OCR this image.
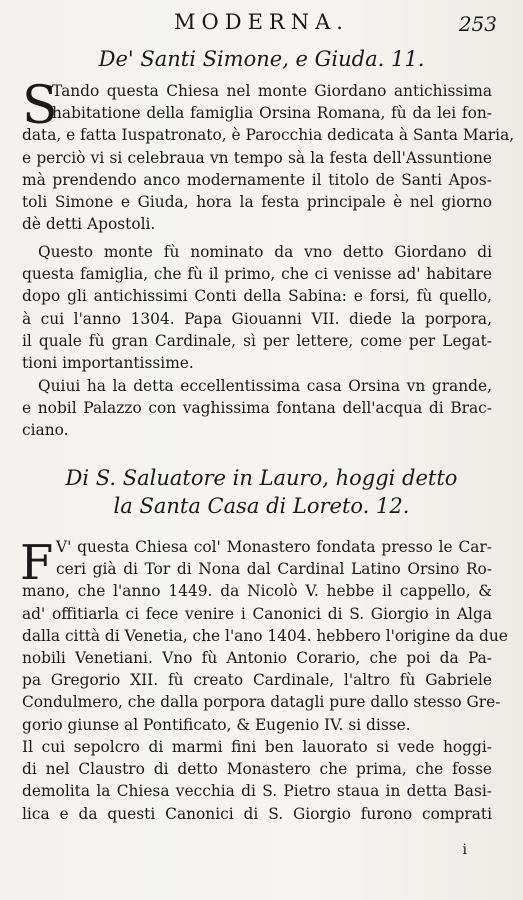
MODERNA.	253
De' Santi Simone, e Giuda. 11.
S
Tando questa Chiesa nel monte Giordano antichissima
habitatione della famiglia Orsina Romana, fù da lei fon-
data, e fatta Iuspatronato, è Parocchia dedicata à Santa Maria,
e perciò vi si celebraua vn tempo sà la festa dell'Assuntione
mà prendendo anco modernamente il titolo de Santi Apos-
toli Simone e Giuda, hora la festa principale è nel giorno
dè detti Apostoli.
Questo monte fù nominato da vno detto Giordano di
questa famiglia, che fù il primo, che ci venisse ad' habitare
dopo gli antichissimi Conti della Sabina: e forsi, fù quello,
à cui l'anno 1304. Papa Giouanni VII. diede la porpora,
il quale fù gran Cardinale, sì per lettere, come per Legat-
tioni importantissime.
Quiui ha la detta eccellentissima casa Orsina vn grande,
e nobil Palazzo con vaghissima fontana dell'acqua di Brac-
ciano.
Di S. Saluatore in Lauro, hoggi detto
la Santa Casa di Loreto. 12.
F V' questa Chiesa col' Monastero fondata presso le Car-
ceri già di Tor di Nona dal Cardinal Latino Orsino Ro-
mano, che l'anno 1449. da Nicolò V. hebbe il cappello, &
ad' offitiarla ci fece venire i Canonici di S. Giorgio in Alga
dalla città di Venetia, che l'ano 1404. hebbero l'origine da due
nobili Venetiani. Vno fù Antonio Corario, che poi da Pa-
pa Gregorio XII. fù creato Cardinale, l'altro fù Gabriele
Condulmero, che dalla porpora datagli pure dallo stesso Gre-
gorio giunse al Pontificato, & Eugenio IV. si disse.
Il cui sepolcro di marmi fini ben lauorato si vede hoggi-
di nel Claustro di detto Monastero che prima, che fosse
demolita la Chiesa vecchia di S. Pietro staua in detta Basi-
lica e da questi Canonici di S. Giorgio furono comprati
i
